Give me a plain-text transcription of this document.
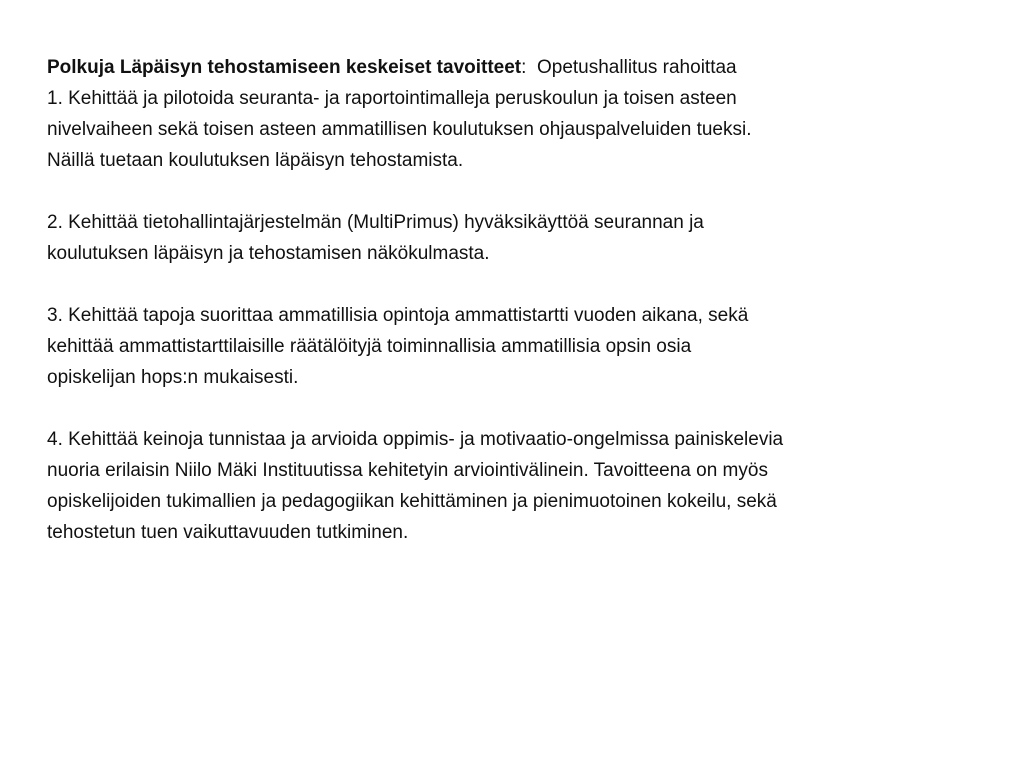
Polkuja Läpäisyn tehostamiseen keskeiset tavoitteet:  Opetushallitus rahoittaa

1. Kehittää ja pilotoida seuranta- ja raportointimalleja peruskoulun ja toisen asteen
nivelvaiheen sekä toisen asteen ammatillisen koulutuksen ohjauspalveluiden tueksi.
Näillä tuetaan koulutuksen läpäisyn tehostamista.
2. Kehittää tietohallintajärjestelmän (MultiPrimus) hyväksikäyttöä seurannan ja
koulutuksen läpäisyn ja tehostamisen näkökulmasta.
3. Kehittää tapoja suorittaa ammatillisia opintoja ammattistartti vuoden aikana, sekä
kehittää ammattistarttilaisille räätälöityjä toiminnallisia ammatillisia opsin osia
opiskelijan hops:n mukaisesti.
4. Kehittää keinoja tunnistaa ja arvioida oppimis- ja motivaatio-ongelmissa painiskelevia
nuoria erilaisin Niilo Mäki Instituutissa kehitetyin arviointivälinein. Tavoitteena on myös
opiskelijoiden tukimallien ja pedagogiikan kehittäminen ja pienimuotoinen kokeilu, sekä
tehostetun tuen vaikuttavuuden tutkiminen.
